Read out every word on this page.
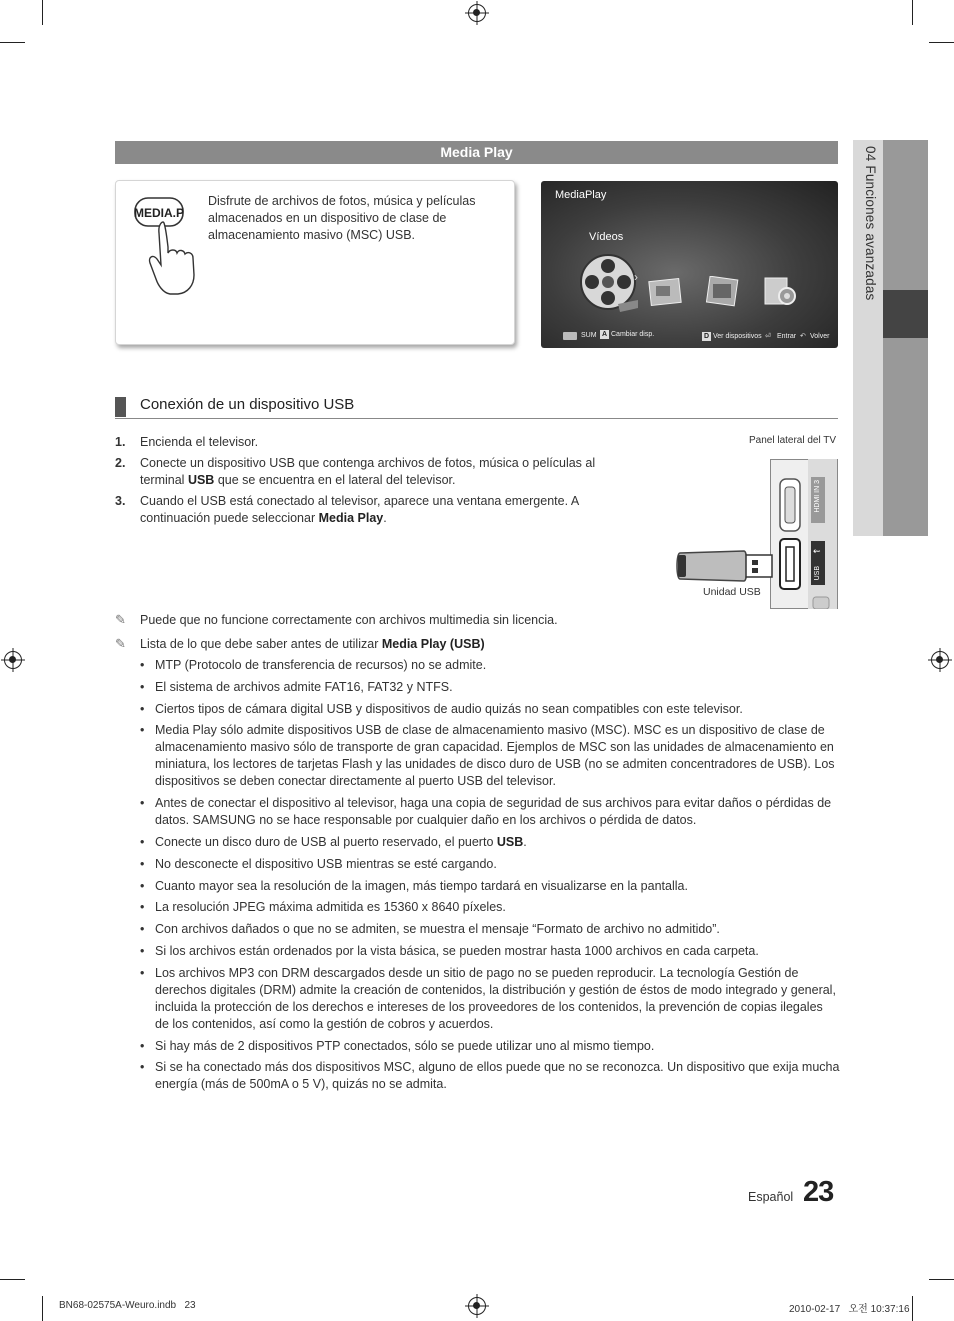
04 Funciones avanzadas
Media Play
MEDIA.P
Disfrute de archivos de fotos, música y películas almacenados en un dispositivo de clase de almacenamiento masivo (MSC) USB.
MediaPlay
Vídeos
›
SUM A Cambiar disp.	D Ver dispositivos ⏎ Entrar ↶ Volver
Conexión de un dispositivo USB
1. Encienda el televisor.
2. Conecte un dispositivo USB que contenga archivos de fotos, música o películas al terminal USB que se encuentra en el lateral del televisor.
3. Cuando el USB está conectado al televisor, aparece una ventana emergente. A continuación puede seleccionar Media Play.
Panel lateral del TV
HDMI IN 3
USB
⇜
Unidad USB
✎	Puede que no funcione correctamente con archivos multimedia sin licencia.
✎	Lista de lo que debe saber antes de utilizar Media Play (USB)
• MTP (Protocolo de transferencia de recursos) no se admite.
• El sistema de archivos admite FAT16, FAT32 y NTFS.
• Ciertos tipos de cámara digital USB y dispositivos de audio quizás no sean compatibles con este televisor.
• Media Play sólo admite dispositivos USB de clase de almacenamiento masivo (MSC). MSC es un dispositivo de clase de almacenamiento masivo sólo de transporte de gran capacidad. Ejemplos de MSC son las unidades de almacenamiento en miniatura, los lectores de tarjetas Flash y las unidades de disco duro de USB (no se admiten concentradores de USB). Los dispositivos se deben conectar directamente al puerto USB del televisor.
• Antes de conectar el dispositivo al televisor, haga una copia de seguridad de sus archivos para evitar daños o pérdidas de datos. SAMSUNG no se hace responsable por cualquier daño en los archivos o pérdida de datos.
• Conecte un disco duro de USB al puerto reservado, el puerto USB.
• No desconecte el dispositivo USB mientras se esté cargando.
• Cuanto mayor sea la resolución de la imagen, más tiempo tardará en visualizarse en la pantalla.
• La resolución JPEG máxima admitida es 15360 x 8640 píxeles.
• Con archivos dañados o que no se admiten, se muestra el mensaje “Formato de archivo no admitido”.
• Si los archivos están ordenados por la vista básica, se pueden mostrar hasta 1000 archivos en cada carpeta.
• Los archivos MP3 con DRM descargados desde un sitio de pago no se pueden reproducir. La tecnología Gestión de derechos digitales (DRM) admite la creación de contenidos, la distribución y gestión de éstos de modo integrado y general, incluida la protección de los derechos e intereses de los proveedores de los contenidos, la prevención de copias ilegales de los contenidos, así como la gestión de cobros y acuerdos.
• Si hay más de 2 dispositivos PTP conectados, sólo se puede utilizar uno al mismo tiempo.
• Si se ha conectado más dos dispositivos MSC, alguno de ellos puede que no se reconozca. Un dispositivo que exija mucha energía (más de 500mA o 5 V), quizás no se admita.
Español 23
BN68-02575A-Weuro.indb   23	2010-02-17   오전 10:37:16
